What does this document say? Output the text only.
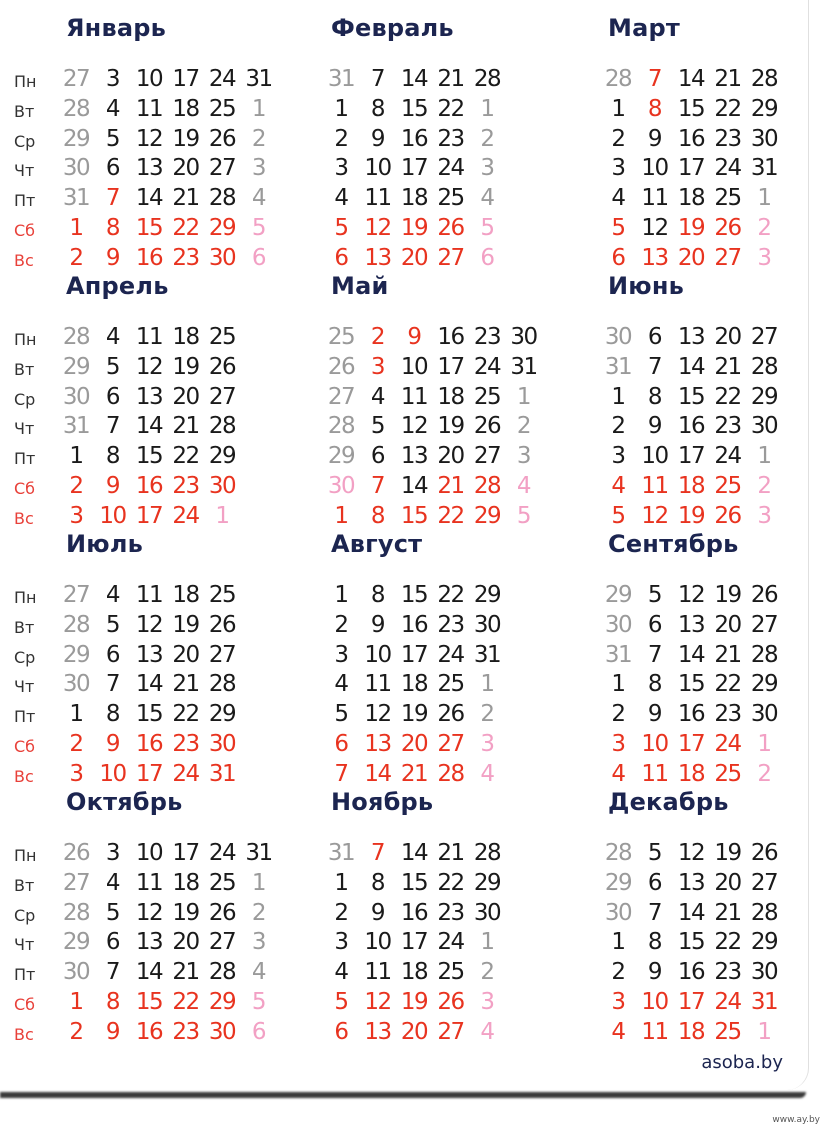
Январь
Пн
Вт
Ср
Чт
Пт
Сб
Вс
27
28
29
30
31
1
2
3
4
5
6
7
8
9
10
11
12
13
14
15
16
17
18
19
20
21
22
23
24
25
26
27
28
29
30
31
1
2
3
4
5
6
Февраль
31
1
2
3
4
5
6
7
8
9
10
11
12
13
14
15
16
17
18
19
20
21
22
23
24
25
26
27
28
1
2
3
4
5
6
Март
28
1
2
3
4
5
6
7
8
9
10
11
12
13
14
15
16
17
18
19
20
21
22
23
24
25
26
27
28
29
30
31
1
2
3
Апрель
Пн
Вт
Ср
Чт
Пт
Сб
Вс
28
29
30
31
1
2
3
4
5
6
7
8
9
10
11
12
13
14
15
16
17
18
19
20
21
22
23
24
25
26
27
28
29
30
1
Май
25
26
27
28
29
30
1
2
3
4
5
6
7
8
9
10
11
12
13
14
15
16
17
18
19
20
21
22
23
24
25
26
27
28
29
30
31
1
2
3
4
5
Июнь
30
31
1
2
3
4
5
6
7
8
9
10
11
12
13
14
15
16
17
18
19
20
21
22
23
24
25
26
27
28
29
30
1
2
3
Июль
Пн
Вт
Ср
Чт
Пт
Сб
Вс
27
28
29
30
1
2
3
4
5
6
7
8
9
10
11
12
13
14
15
16
17
18
19
20
21
22
23
24
25
26
27
28
29
30
31
Август
1
2
3
4
5
6
7
8
9
10
11
12
13
14
15
16
17
18
19
20
21
22
23
24
25
26
27
28
29
30
31
1
2
3
4
Сентябрь
29
30
31
1
2
3
4
5
6
7
8
9
10
11
12
13
14
15
16
17
18
19
20
21
22
23
24
25
26
27
28
29
30
1
2
Октябрь
Пн
Вт
Ср
Чт
Пт
Сб
Вс
26
27
28
29
30
1
2
3
4
5
6
7
8
9
10
11
12
13
14
15
16
17
18
19
20
21
22
23
24
25
26
27
28
29
30
31
1
2
3
4
5
6
Ноябрь
31
1
2
3
4
5
6
7
8
9
10
11
12
13
14
15
16
17
18
19
20
21
22
23
24
25
26
27
28
29
30
1
2
3
4
Декабрь
28
29
30
1
2
3
4
5
6
7
8
9
10
11
12
13
14
15
16
17
18
19
20
21
22
23
24
25
26
27
28
29
30
31
1
asoba.by
www.ay.by
